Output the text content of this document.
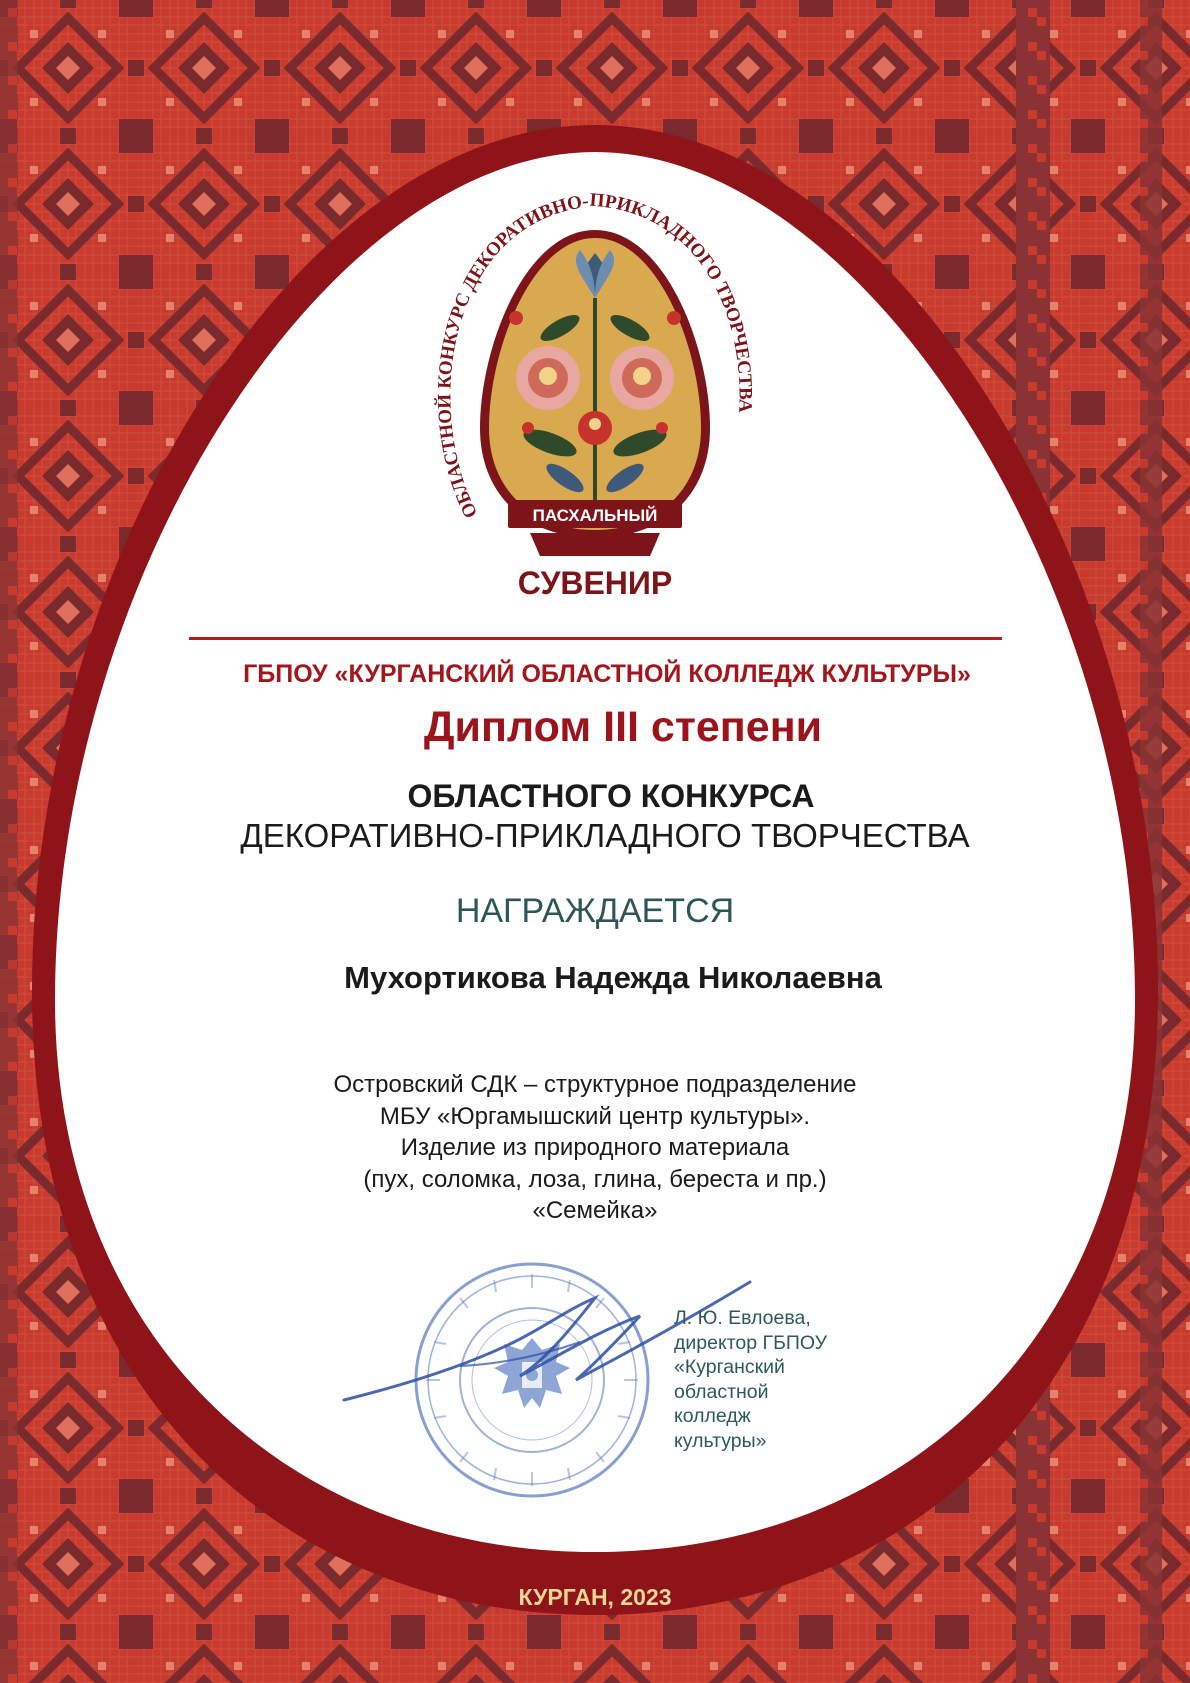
ОБЛАСТНОЙ КОНКУРС ДЕКОРАТИВНО-ПРИКЛАДНОГО ТВОРЧЕСТВА
ПАСХАЛЬНЫЙ
СУВЕНИР

ГБПОУ «КУРГАНСКИЙ ОБЛАСТНОЙ КОЛЛЕДЖ КУЛЬТУРЫ»

Диплом III степени

ОБЛАСТНОГО КОНКУРСА

ДЕКОРАТИВНО-ПРИКЛАДНОГО ТВОРЧЕСТВА

НАГРАЖДАЕТСЯ

Мухортикова Надежда Николаевна

Островский СДК – структурное подразделение
МБУ «Юргамышский центр культуры».
Изделие из природного материала
(пух, соломка, лоза, глина, береста и пр.)
«Семейка»
Л. Ю. Евлоева,
директор ГБПОУ
«Курганский
областной
колледж
культуры»

КУРГАН, 2023
